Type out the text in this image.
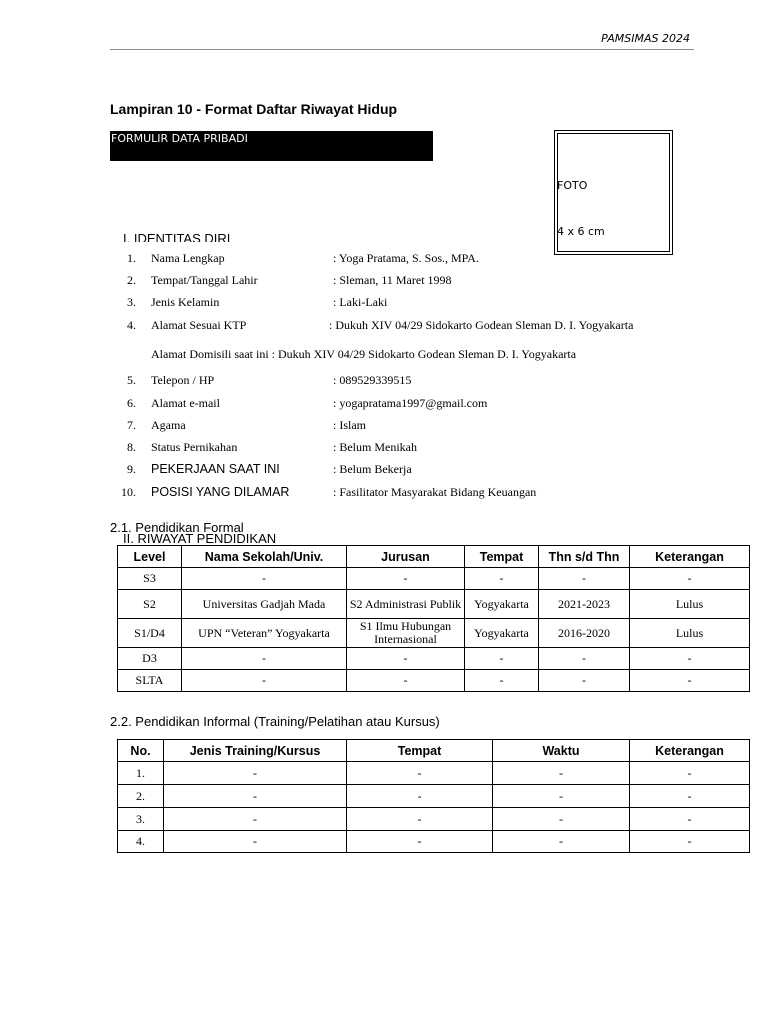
PAMSIMAS 2024
Lampiran 10 - Format Daftar Riwayat Hidup
FORMULIR DATA PRIBADI
FOTO
4 x 6 cm
I. IDENTITAS DIRI
1. Nama Lengkap	: Yoga Pratama, S. Sos., MPA.
2. Tempat/Tanggal Lahir	: Sleman, 11 Maret 1998
3. Jenis Kelamin	: Laki-Laki
4. Alamat Sesuai KTP	: Dukuh XIV 04/29 Sidokarto Godean Sleman D. I. Yogyakarta
5. Telepon / HP	: 089529339515
6. Alamat e-mail	: yogapratama1997@gmail.com
7. Agama	: Islam
8. Status Pernikahan	: Belum Menikah
9. PEKERJAAN SAAT INI	: Belum Bekerja
10. POSISI YANG DILAMAR	: Fasilitator Masyarakat Bidang Keuangan
Alamat Domisili saat ini : Dukuh XIV 04/29 Sidokarto Godean Sleman D. I. Yogyakarta
2.1. Pendidikan Formal
II. RIWAYAT PENDIDIKAN
Level	Nama Sekolah/Univ.	Jurusan	Tempat	Thn s/d Thn	Keterangan
S3	-	-	-	-	-
S2	Universitas Gadjah Mada	S2 Administrasi Publik	Yogyakarta	2021-2023	Lulus
S1/D4	UPN “Veteran” Yogyakarta	S1 Ilmu Hubungan Internasional	Yogyakarta	2016-2020	Lulus
D3	-	-	-	-	-
SLTA	-	-	-	-	-
2.2. Pendidikan Informal (Training/Pelatihan atau Kursus)
No.	Jenis Training/Kursus	Tempat	Waktu	Keterangan
1.	-	-	-	-
2.	-	-	-	-
3.	-	-	-	-
4.	-	-	-	-
